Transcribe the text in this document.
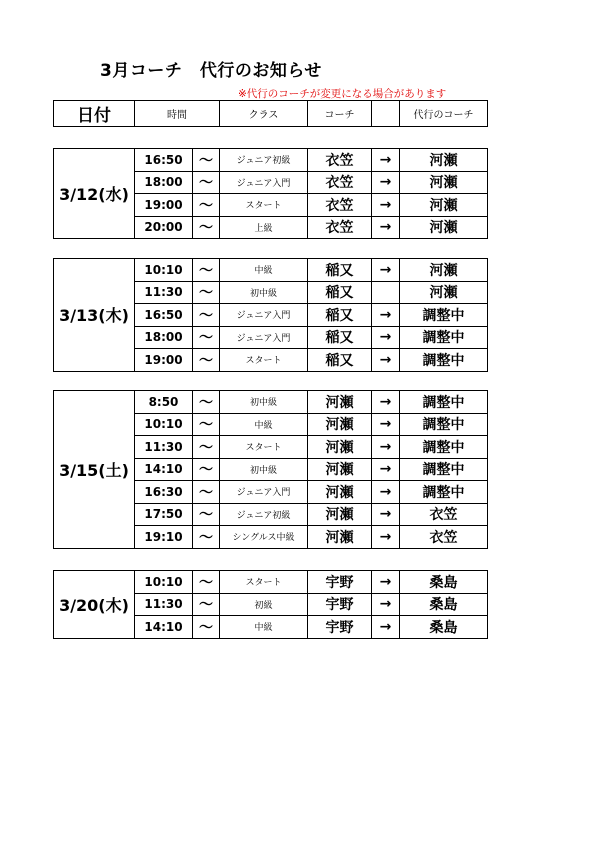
3月コーチ　代行のお知らせ
※代行のコーチが変更になる場合があります
日付	時間	クラス	コーチ		代行のコーチ
3/12(水)	16:50	〜	ジュニア初級	衣笠	→	河瀬
	18:00	〜	ジュニア入門	衣笠	→	河瀬
	19:00	〜	スタート	衣笠	→	河瀬
	20:00	〜	上級	衣笠	→	河瀬
3/13(木)	10:10	〜	中級	稲又	→	河瀬
	11:30	〜	初中級	稲又		河瀬
	16:50	〜	ジュニア入門	稲又	→	調整中
	18:00	〜	ジュニア入門	稲又	→	調整中
	19:00	〜	スタート	稲又	→	調整中
3/15(土)	8:50	〜	初中級	河瀬	→	調整中
	10:10	〜	中級	河瀬	→	調整中
	11:30	〜	スタート	河瀬	→	調整中
	14:10	〜	初中級	河瀬	→	調整中
	16:30	〜	ジュニア入門	河瀬	→	調整中
	17:50	〜	ジュニア初級	河瀬	→	衣笠
	19:10	〜	シングルス中級	河瀬	→	衣笠
3/20(木)	10:10	〜	スタート	宇野	→	桑島
	11:30	〜	初級	宇野	→	桑島
	14:10	〜	中級	宇野	→	桑島
